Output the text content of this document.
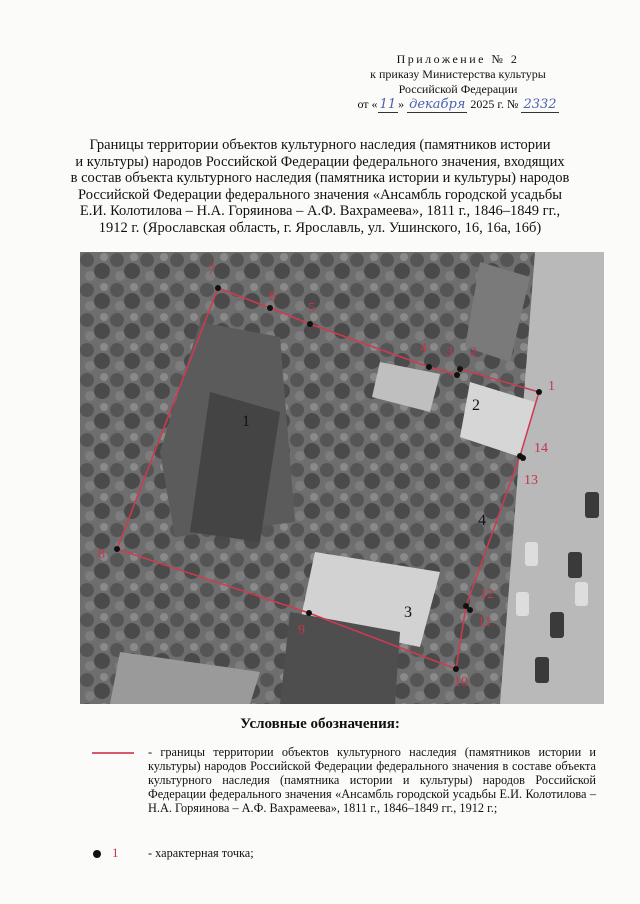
Приложение № 2
к приказу Министерства культуры
Российской Федерации
от « 11 » декабря 2025 г. № 2332
Границы территории объектов культурного наследия (памятников истории
и культуры) народов Российской Федерации федерального значения, входящих
в состав объекта культурного наследия (памятника истории и культуры) народов
Российской Федерации федерального значения «Ансамбль городской усадьбы
Е.И. Колотилова – Н.А. Горяинова – А.Ф. Вахрамеева», 1811 г., 1846–1849 гг.,
1912 г. (Ярославская область, г. Ярославль, ул. Ушинского, 16, 16а, 16б)
1
2
3
4
5
6
7
8
9
10
11
12
13
14
1
2
3
4
Условные обозначения:
- границы территории объектов культурного наследия (памятников истории и культуры) народов Российской Федерации федерального значения в составе объекта культурного наследия (памятника истории и культуры) народов Российской Федерации федерального значения «Ансамбль городской усадьбы Е.И. Колотилова – Н.А. Горяинова – А.Ф. Вахрамеева», 1811 г., 1846–1849 гг., 1912 г.;
1 - характерная точка;
